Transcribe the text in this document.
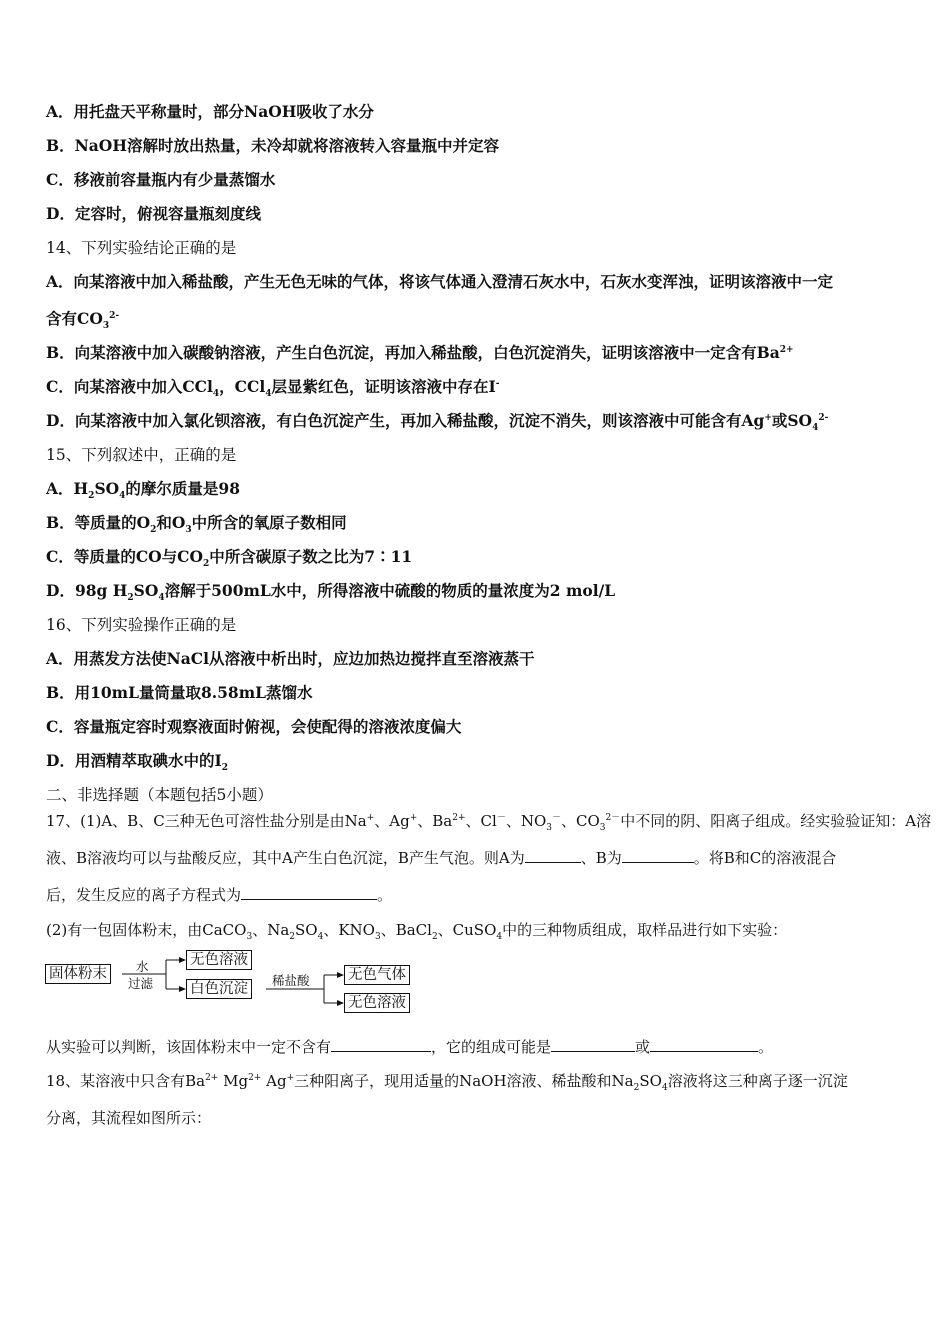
A．用托盘天平称量时，部分NaOH吸收了水分
B．NaOH溶解时放出热量，未冷却就将溶液转入容量瓶中并定容
C．移液前容量瓶内有少量蒸馏水
D．定容时，俯视容量瓶刻度线
14、下列实验结论正确的是
A．向某溶液中加入稀盐酸，产生无色无味的气体，将该气体通入澄清石灰水中，石灰水变浑浊，证明该溶液中一定
含有$CO_3^{2-}$
B．向某溶液中加入碳酸钠溶液，产生白色沉淀，再加入稀盐酸，白色沉淀消失，证明该溶液中一定含有$Ba^{2+}$
C．向某溶液中加入CCl$_4$，CCl$_4$层显紫红色，证明该溶液中存在I-
D．向某溶液中加入氯化钡溶液，有白色沉淀产生，再加入稀盐酸，沉淀不消失，则该溶液中可能含有Ag+或$SO_4^{2-}$
15、下列叙述中，正确的是
A．$H_2SO_4$的摩尔质量是98
B．等质量的$O_2$和$O_3$中所含的氧原子数相同
C．等质量的CO与$CO_2$中所含碳原子数之比为7∶11
D．98g $H_2SO_4$溶解于500mL水中，所得溶液中硫酸的物质的量浓度为2 mol/L
16、下列实验操作正确的是
A．用蒸发方法使NaCl从溶液中析出时，应边加热边搅拌直至溶液蒸干
B．用10mL量筒量取8.58mL蒸馏水
C．容量瓶定容时观察液面时俯视，会使配得的溶液浓度偏大
D．用酒精萃取碘水中的$I_2$
二、非选择题（本题包括5小题）
17、(1)A、B、C三种无色可溶性盐分别是由Na+、Ag+、$Ba^{2+}$、Cl－、$NO_3^-$、$CO_3^{2-}$中不同的阴、阳离子组成。经实验验证知：A溶
液、B溶液均可以与盐酸反应，其中A产生白色沉淀，B产生气泡。则A为	、B为	。将B和C的溶液混合
后，发生反应的离子方程式为	。
(2)有一包固体粉末，由CaCO$_3$、$Na_2SO_4$、$KNO_3$、BaCl$_2$、CuSO$_4$中的三种物质组成，取样品进行如下实验：
固体粉末	水
过滤
无色溶液
白色沉淀
稀盐酸	无色气体
无色溶液
从实验可以判断，该固体粉末中一定不含有	，它的组成可能是	或	。
18、某溶液中只含有$Ba^{2+}$ $Mg^{2+}$ Ag+三种阳离子，现用适量的NaOH溶液、稀盐酸和$Na_2SO_4$溶液将这三种离子逐一沉淀
分离，其流程如图所示：
